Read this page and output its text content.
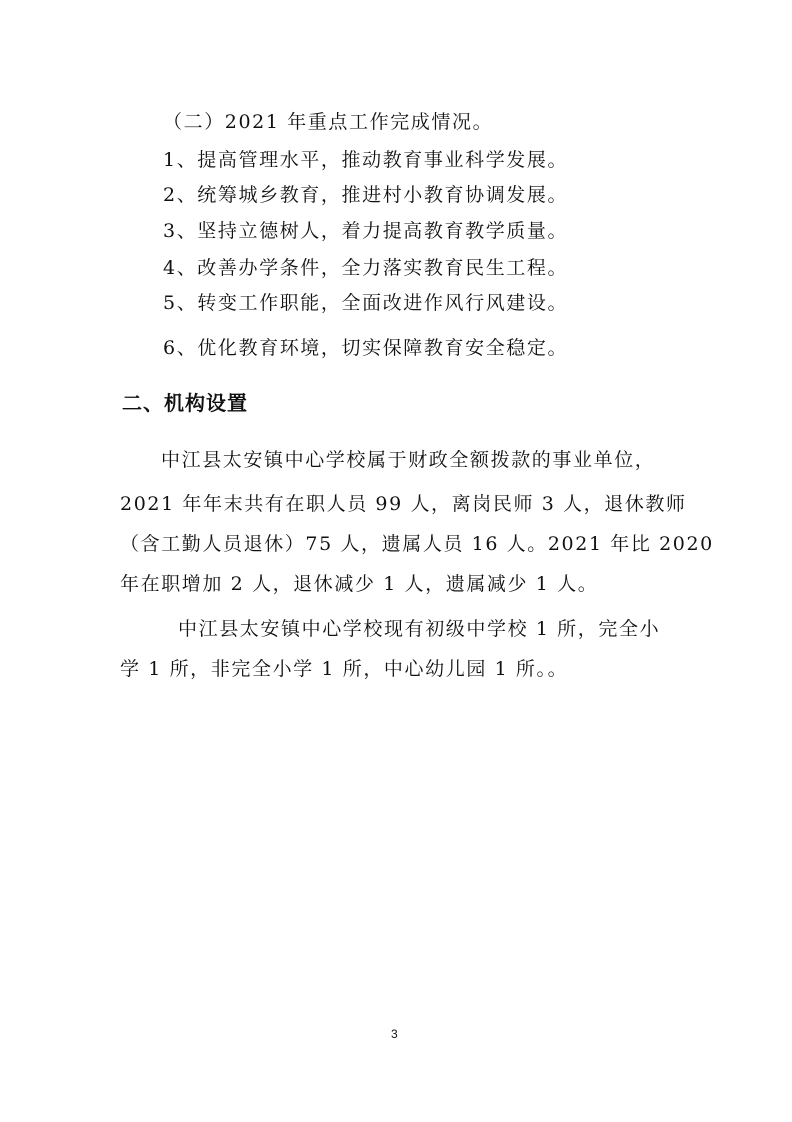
（二）2021 年重点工作完成情况。
1、提高管理水平，推动教育事业科学发展。
2、统筹城乡教育，推进村小教育协调发展。
3、坚持立德树人，着力提高教育教学质量。
4、改善办学条件，全力落实教育民生工程。
5、转变工作职能，全面改进作风行风建设。
6、优化教育环境，切实保障教育安全稳定。
二、机构设置
中江县太安镇中心学校属于财政全额拨款的事业单位，
2021 年年末共有在职人员 99 人，离岗民师 3 人，退休教师
（含工勤人员退休）75 人，遗属人员 16 人。2021 年比 2020
年在职增加 2 人，退休减少 1 人，遗属减少 1 人。
中江县太安镇中心学校现有初级中学校 1 所，完全小
学 1 所，非完全小学 1 所，中心幼儿园 1 所。。
3
